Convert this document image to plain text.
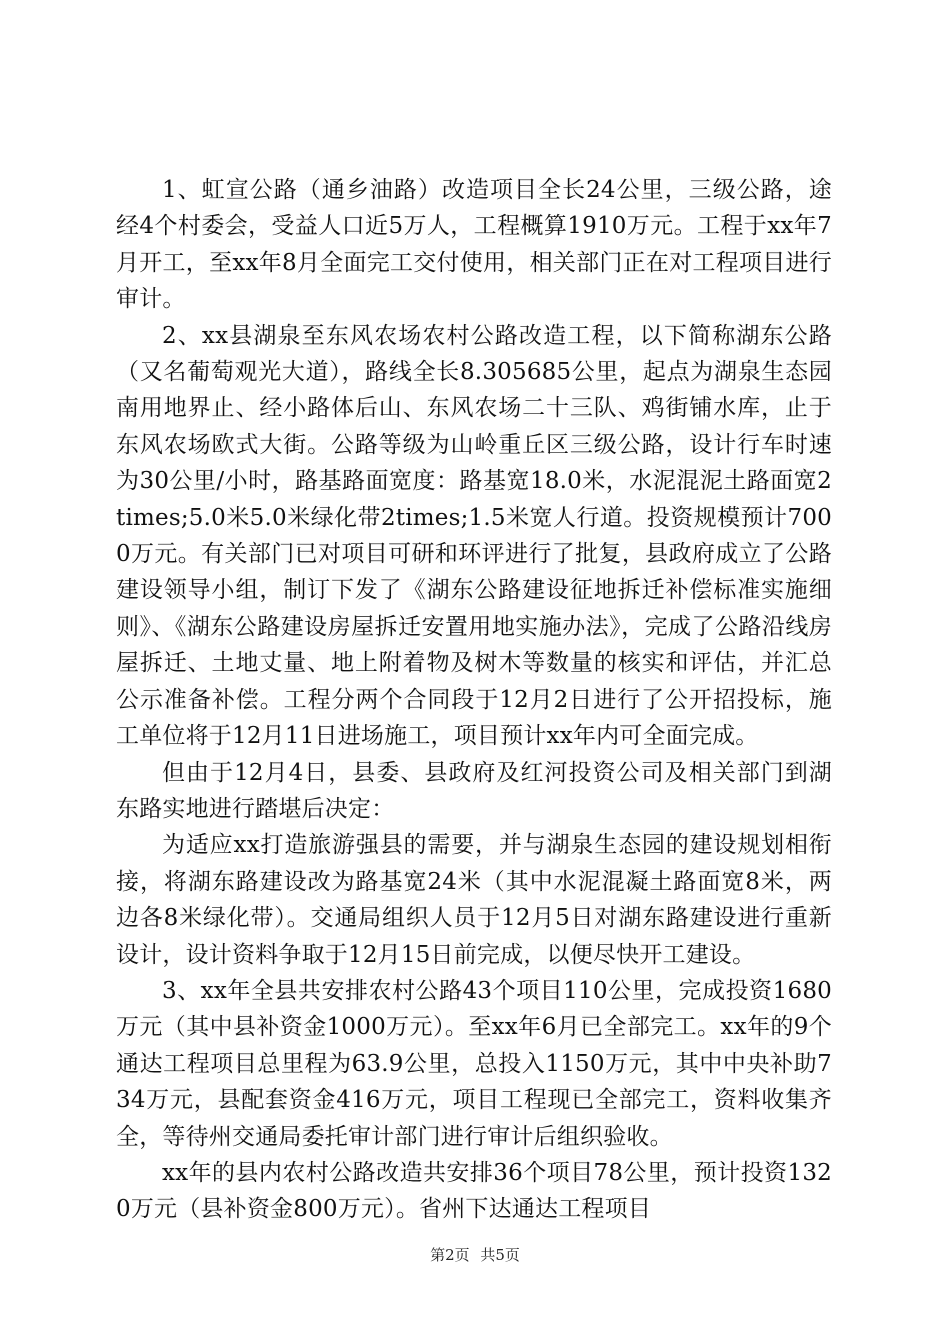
1、虹宣公路（通乡油路）改造项目全长24公里，三级公路，途经4个村委会，受益人口近5万人，工程概算1910万元。工程于xx年7月开工，至xx年8月全面完工交付使用，相关部门正在对工程项目进行审计。

2、xx县湖泉至东风农场农村公路改造工程，以下简称湖东公路（又名葡萄观光大道），路线全长8.305685公里，起点为湖泉生态园南用地界止、经小路体后山、东风农场二十三队、鸡街铺水库，止于东风农场欧式大街。公路等级为山岭重丘区三级公路，设计行车时速为30公里/小时，路基路面宽度：路基宽18.0米，水泥混泥土路面宽2times;5.0米5.0米绿化带2times;1.5米宽人行道。投资规模预计7000万元。有关部门已对项目可研和环评进行了批复，县政府成立了公路建设领导小组，制订下发了《湖东公路建设征地拆迁补偿标准实施细则》、《湖东公路建设房屋拆迁安置用地实施办法》，完成了公路沿线房屋拆迁、土地丈量、地上附着物及树木等数量的核实和评估，并汇总公示准备补偿。工程分两个合同段于12月2日进行了公开招投标，施工单位将于12月11日进场施工，项目预计xx年内可全面完成。

但由于12月4日，县委、县政府及红河投资公司及相关部门到湖东路实地进行踏堪后决定：

为适应xx打造旅游强县的需要，并与湖泉生态园的建设规划相衔接，将湖东路建设改为路基宽24米（其中水泥混凝土路面宽8米，两边各8米绿化带）。交通局组织人员于12月5日对湖东路建设进行重新设计，设计资料争取于12月15日前完成，以便尽快开工建设。

3、xx年全县共安排农村公路43个项目110公里，完成投资1680万元（其中县补资金1000万元）。至xx年6月已全部完工。xx年的9个通达工程项目总里程为63.9公里，总投入1150万元，其中中央补助734万元，县配套资金416万元，项目工程现已全部完工，资料收集齐全，等待州交通局委托审计部门进行审计后组织验收。

xx年的县内农村公路改造共安排36个项目78公里，预计投资1320万元（县补资金800万元）。省州下达通达工程项目

第2页 共5页
